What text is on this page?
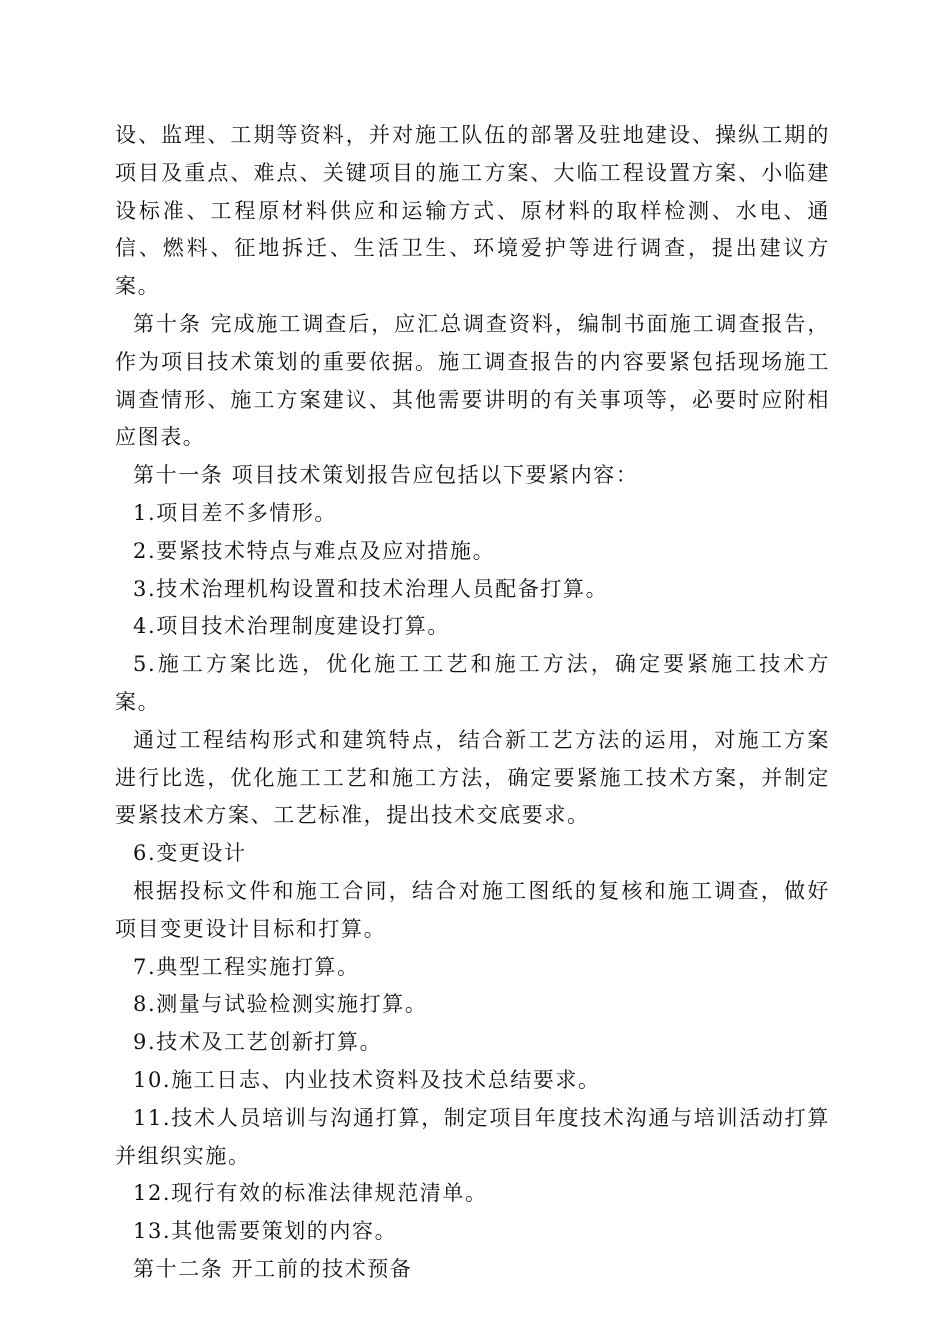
设、监理、工期等资料，并对施工队伍的部署及驻地建设、操纵工期的项目及重点、难点、关键项目的施工方案、大临工程设置方案、小临建设标准、工程原材料供应和运输方式、原材料的取样检测、水电、通信、燃料、征地拆迁、生活卫生、环境爱护等进行调查，提出建议方案。

第十条 完成施工调查后，应汇总调查资料，编制书面施工调查报告，作为项目技术策划的重要依据。施工调查报告的内容要紧包括现场施工调查情形、施工方案建议、其他需要讲明的有关事项等，必要时应附相应图表。

第十一条 项目技术策划报告应包括以下要紧内容：

1.项目差不多情形。

2.要紧技术特点与难点及应对措施。

3.技术治理机构设置和技术治理人员配备打算。

4.项目技术治理制度建设打算。

5.施工方案比选，优化施工工艺和施工方法，确定要紧施工技术方案。

通过工程结构形式和建筑特点，结合新工艺方法的运用，对施工方案进行比选，优化施工工艺和施工方法，确定要紧施工技术方案，并制定要紧技术方案、工艺标准，提出技术交底要求。

6.变更设计

根据投标文件和施工合同，结合对施工图纸的复核和施工调查，做好项目变更设计目标和打算。

7.典型工程实施打算。

8.测量与试验检测实施打算。

9.技术及工艺创新打算。

10.施工日志、内业技术资料及技术总结要求。

11.技术人员培训与沟通打算，制定项目年度技术沟通与培训活动打算并组织实施。

12.现行有效的标准法律规范清单。

13.其他需要策划的内容。

第十二条 开工前的技术预备
